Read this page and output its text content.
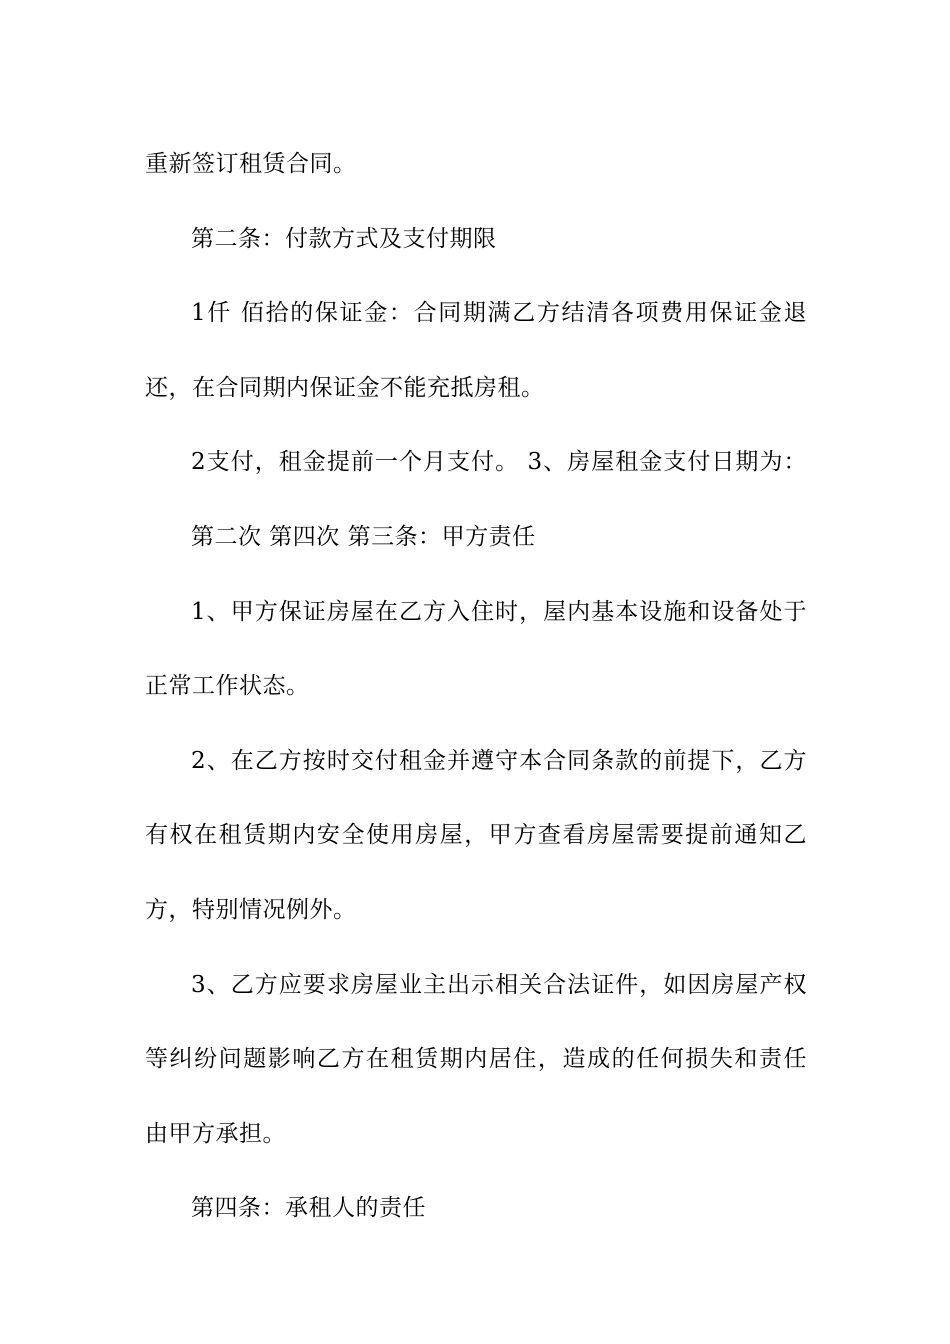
重新签订租赁合同。
第二条：付款方式及支付期限
1仟 佰拾的保证金：合同期满乙方结清各项费用保证金退
还，在合同期内保证金不能充抵房租。
2支付，租金提前一个月支付。 3、房屋租金支付日期为：
第二次 第四次 第三条：甲方责任
1、甲方保证房屋在乙方入住时，屋内基本设施和设备处于
正常工作状态。
2、在乙方按时交付租金并遵守本合同条款的前提下，乙方
有权在租赁期内安全使用房屋，甲方查看房屋需要提前通知乙
方，特别情况例外。
3、乙方应要求房屋业主出示相关合法证件，如因房屋产权
等纠纷问题影响乙方在租赁期内居住，造成的任何损失和责任
由甲方承担。
第四条：承租人的责任
